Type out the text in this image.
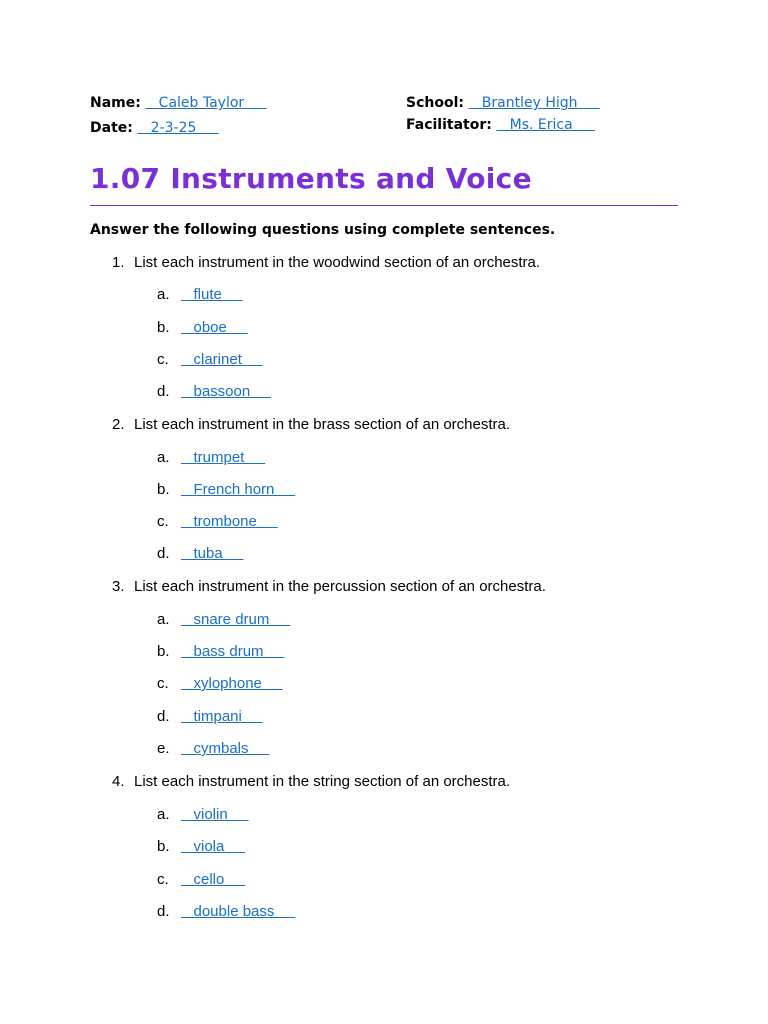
Name:    Caleb Taylor
Date:    2-3-25
School:    Brantley High
Facilitator:    Ms. Erica
1.07 Instruments and Voice
Answer the following questions using complete sentences.
1. List each instrument in the woodwind section of an orchestra.
a.   flute
b.   oboe
c.   clarinet
d.   bassoon
2. List each instrument in the brass section of an orchestra.
a.   trumpet
b.   French horn
c.   trombone
d.   tuba
3. List each instrument in the percussion section of an orchestra.
a.   snare drum
b.   bass drum
c.   xylophone
d.   timpani
e.   cymbals
4. List each instrument in the string section of an orchestra.
a.   violin
b.   viola
c.   cello
d.   double bass
